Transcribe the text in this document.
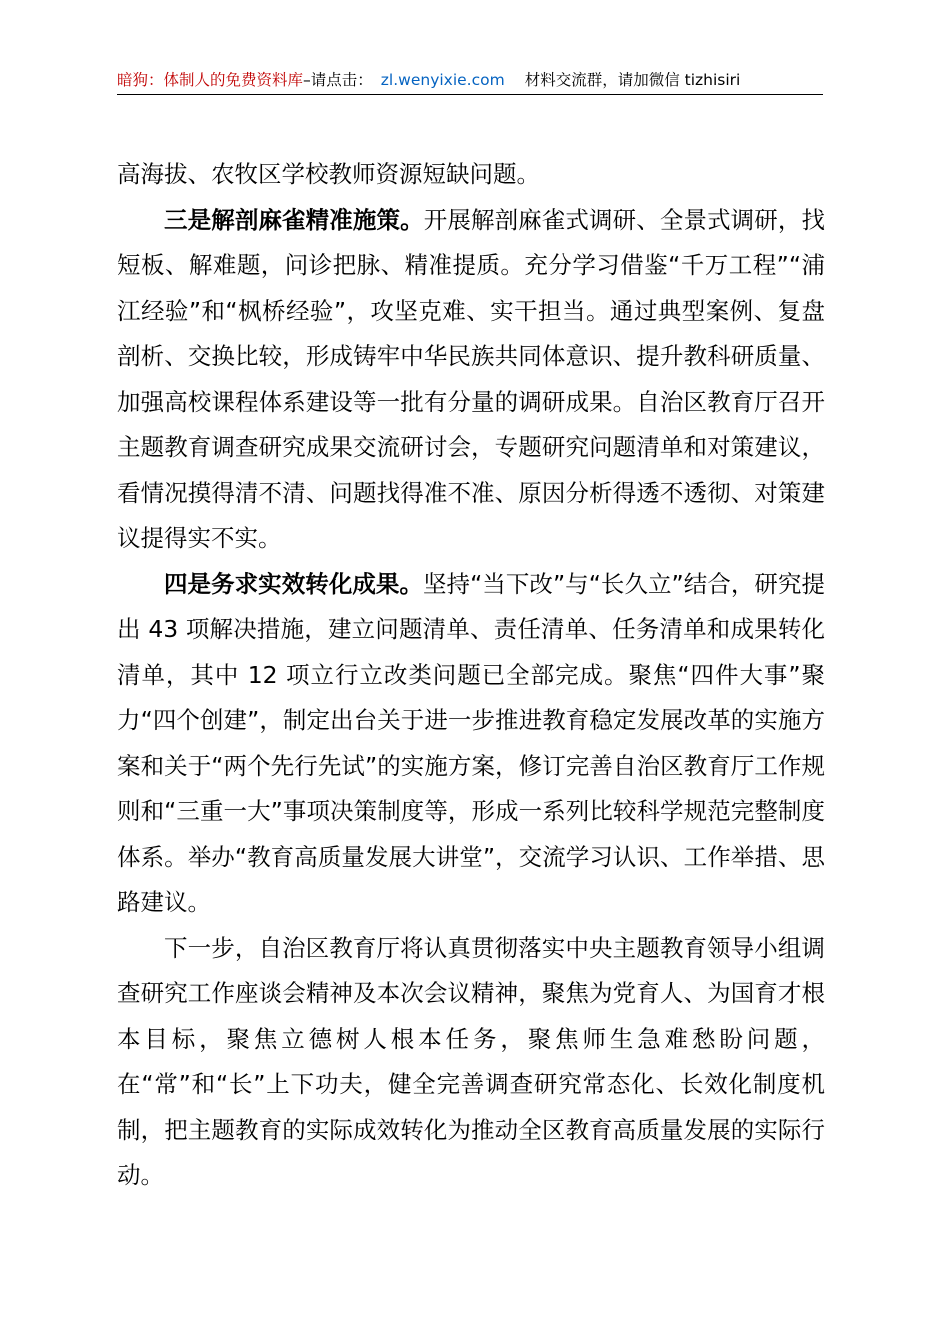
暗狗：体制人的免费资料库–请点击： zl.wenyixie.com 材料交流群，请加微信 tizhisiri

高海拔、农牧区学校教师资源短缺问题。

三是解剖麻雀精准施策。开展解剖麻雀式调研、全景式调研，找短板、解难题，问诊把脉、精准提质。充分学习借鉴“千万工程”“浦江经验”和“枫桥经验”，攻坚克难、实干担当。通过典型案例、复盘剖析、交换比较，形成铸牢中华民族共同体意识、提升教科研质量、加强高校课程体系建设等一批有分量的调研成果。自治区教育厅召开主题教育调查研究成果交流研讨会，专题研究问题清单和对策建议，看情况摸得清不清、问题找得准不准、原因分析得透不透彻、对策建议提得实不实。

四是务求实效转化成果。坚持“当下改”与“长久立”结合，研究提出 43 项解决措施，建立问题清单、责任清单、任务清单和成果转化清单，其中 12 项立行立改类问题已全部完成。聚焦“四件大事”聚力“四个创建”，制定出台关于进一步推进教育稳定发展改革的实施方案和关于“两个先行先试”的实施方案，修订完善自治区教育厅工作规则和“三重一大”事项决策制度等，形成一系列比较科学规范完整制度体系。举办“教育高质量发展大讲堂”，交流学习认识、工作举措、思路建议。

下一步，自治区教育厅将认真贯彻落实中央主题教育领导小组调查研究工作座谈会精神及本次会议精神，聚焦为党育人、为国育才根本目标，聚焦立德树人根本任务，聚焦师生急难愁盼问题，在“常”和“长”上下功夫，健全完善调查研究常态化、长效化制度机制，把主题教育的实际成效转化为推动全区教育高质量发展的实际行动。
